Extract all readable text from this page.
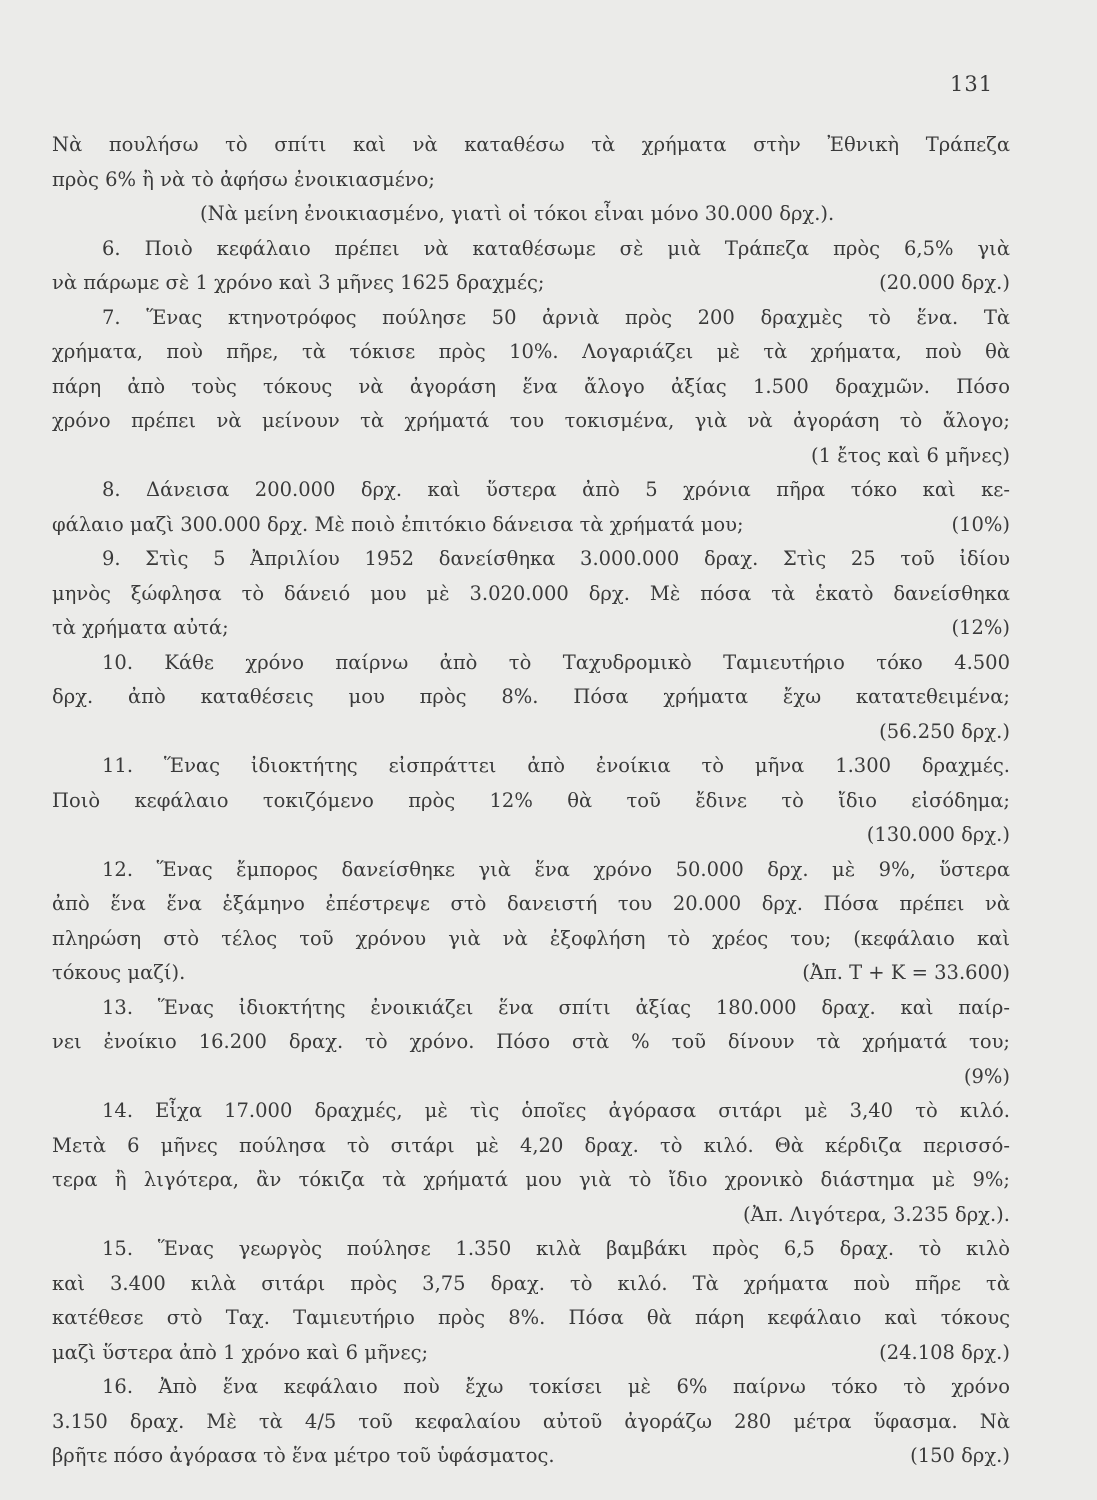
131
Νὰ πουλήσω τὸ σπίτι καὶ νὰ καταθέσω τὰ χρήματα στὴν Ἐθνικὴ Τράπεζα
πρὸς 6% ἢ νὰ τὸ ἀφήσω ἐνοικιασμένο;
(Νὰ μείνη ἐνοικιασμένο, γιατὶ οἱ τόκοι εἶναι μόνο 30.000 δρχ.).
6. Ποιὸ κεφάλαιο πρέπει νὰ καταθέσωμε σὲ μιὰ Τράπεζα πρὸς 6,5% γιὰ
νὰ πάρωμε σὲ 1 χρόνο καὶ 3 μῆνες 1625 δραχμές;	(20.000 δρχ.)
7. Ἕνας κτηνοτρόφος πούλησε 50 ἀρνιὰ πρὸς 200 δραχμὲς τὸ ἕνα. Τὰ
χρήματα, ποὺ πῆρε, τὰ τόκισε πρὸς 10%. Λογαριάζει μὲ τὰ χρήματα, ποὺ θὰ
πάρη ἀπὸ τοὺς τόκους νὰ ἀγοράση ἕνα ἄλογο ἀξίας 1.500 δραχμῶν. Πόσο
χρόνο πρέπει νὰ μείνουν τὰ χρήματά του τοκισμένα, γιὰ νὰ ἀγοράση τὸ ἄλογο;
(1 ἔτος καὶ 6 μῆνες)
8. Δάνεισα 200.000 δρχ. καὶ ὕστερα ἀπὸ 5 χρόνια πῆρα τόκο καὶ κε-
φάλαιο μαζὶ 300.000 δρχ. Μὲ ποιὸ ἐπιτόκιο δάνεισα τὰ χρήματά μου;	(10%)
9. Στὶς 5 Ἀπριλίου 1952 δανείσθηκα 3.000.000 δραχ. Στὶς 25 τοῦ ἰδίου
μηνὸς ξώφλησα τὸ δάνειό μου μὲ 3.020.000 δρχ. Μὲ πόσα τὰ ἑκατὸ δανείσθηκα
τὰ χρήματα αὐτά;	(12%)
10. Κάθε χρόνο παίρνω ἀπὸ τὸ Ταχυδρομικὸ Ταμιευτήριο τόκο 4.500
δρχ. ἀπὸ καταθέσεις μου πρὸς 8%. Πόσα χρήματα ἔχω κατατεθειμένα;
(56.250 δρχ.)
11. Ἕνας ἰδιοκτήτης εἰσπράττει ἀπὸ ἐνοίκια τὸ μῆνα 1.300 δραχμές.
Ποιὸ κεφάλαιο τοκιζόμενο πρὸς 12% θὰ τοῦ ἔδινε τὸ ἴδιο εἰσόδημα;
(130.000 δρχ.)
12. Ἕνας ἔμπορος δανείσθηκε γιὰ ἕνα χρόνο 50.000 δρχ. μὲ 9%, ὕστερα
ἀπὸ ἕνα ἕνα ἑξάμηνο ἐπέστρεψε στὸ δανειστή του 20.000 δρχ. Πόσα πρέπει νὰ
πληρώση στὸ τέλος τοῦ χρόνου γιὰ νὰ ἐξοφλήση τὸ χρέος του; (κεφάλαιο καὶ
τόκους μαζί).	(Ἀπ. Τ + Κ = 33.600)
13. Ἕνας ἰδιοκτήτης ἐνοικιάζει ἕνα σπίτι ἀξίας 180.000 δραχ. καὶ παίρ-
νει ἐνοίκιο 16.200 δραχ. τὸ χρόνο. Πόσο στὰ % τοῦ δίνουν τὰ χρήματά του;
(9%)
14. Εἶχα 17.000 δραχμές, μὲ τὶς ὁποῖες ἀγόρασα σιτάρι μὲ 3,40 τὸ κιλό.
Μετὰ 6 μῆνες πούλησα τὸ σιτάρι μὲ 4,20 δραχ. τὸ κιλό. Θὰ κέρδιζα περισσό-
τερα ἢ λιγότερα, ἂν τόκιζα τὰ χρήματά μου γιὰ τὸ ἴδιο χρονικὸ διάστημα μὲ 9%;
(Ἀπ. Λιγότερα, 3.235 δρχ.).
15. Ἕνας γεωργὸς πούλησε 1.350 κιλὰ βαμβάκι πρὸς 6,5 δραχ. τὸ κιλὸ
καὶ 3.400 κιλὰ σιτάρι πρὸς 3,75 δραχ. τὸ κιλό. Τὰ χρήματα ποὺ πῆρε τὰ
κατέθεσε στὸ Ταχ. Ταμιευτήριο πρὸς 8%. Πόσα θὰ πάρη κεφάλαιο καὶ τόκους
μαζὶ ὕστερα ἀπὸ 1 χρόνο καὶ 6 μῆνες;	(24.108 δρχ.)
16. Ἀπὸ ἕνα κεφάλαιο ποὺ ἔχω τοκίσει μὲ 6% παίρνω τόκο τὸ χρόνο
3.150 δραχ. Μὲ τὰ 4/5 τοῦ κεφαλαίου αὐτοῦ ἀγοράζω 280 μέτρα ὕφασμα. Νὰ
βρῆτε πόσο ἀγόρασα τὸ ἕνα μέτρο τοῦ ὑφάσματος.	(150 δρχ.)
